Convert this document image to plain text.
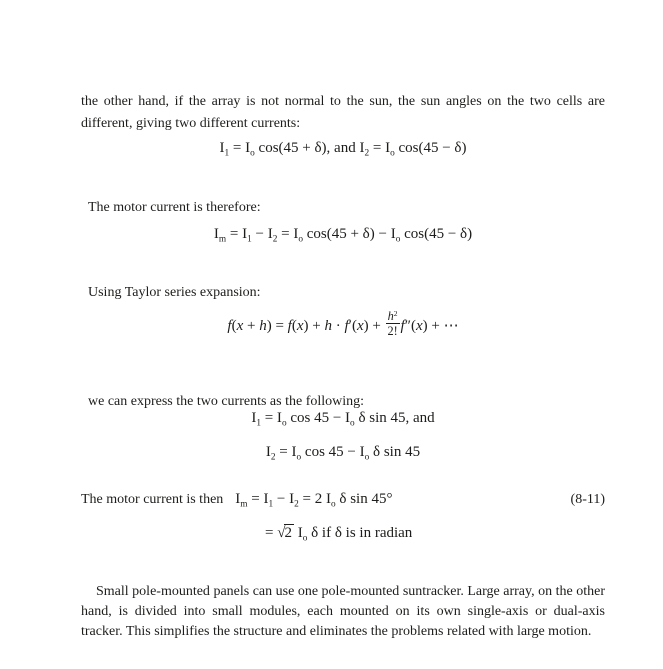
the other hand, if the array is not normal to the sun, the sun angles on the two cells are different, giving two different currents:

$I_1 = I_o$ cos(45 + δ), and $I_2 = I_o$ cos(45 − δ)

The motor current is therefore:

$I_m = I_1 - I_2 = I_o$ $\cos(45 + \delta) - I_o$ cos(45 − δ)

Using Taylor series expansion:

$f(x + h) = f(x) + h \cdot f'(x) + \frac{h^2}{2!} f''(x)$ + ⋯

we can express the two currents as the following:

$I_1 = I_o$ $\cos 45 - I_o$ δ sin 45, and
$I_2 = I_o$ $\cos 45 - I_o$ δ sin 45
The motor current is then $I_m = I_1 - I_2 = 2$ $I_o$ δ sin 45°	(8-11)
= √2 $I_o$ δ if δ is in radian

Small pole-mounted panels can use one pole-mounted suntracker. Large array, on the other hand, is divided into small modules, each mounted on its own single-axis or dual-axis tracker. This simplifies the structure and eliminates the problems related with large motion.
